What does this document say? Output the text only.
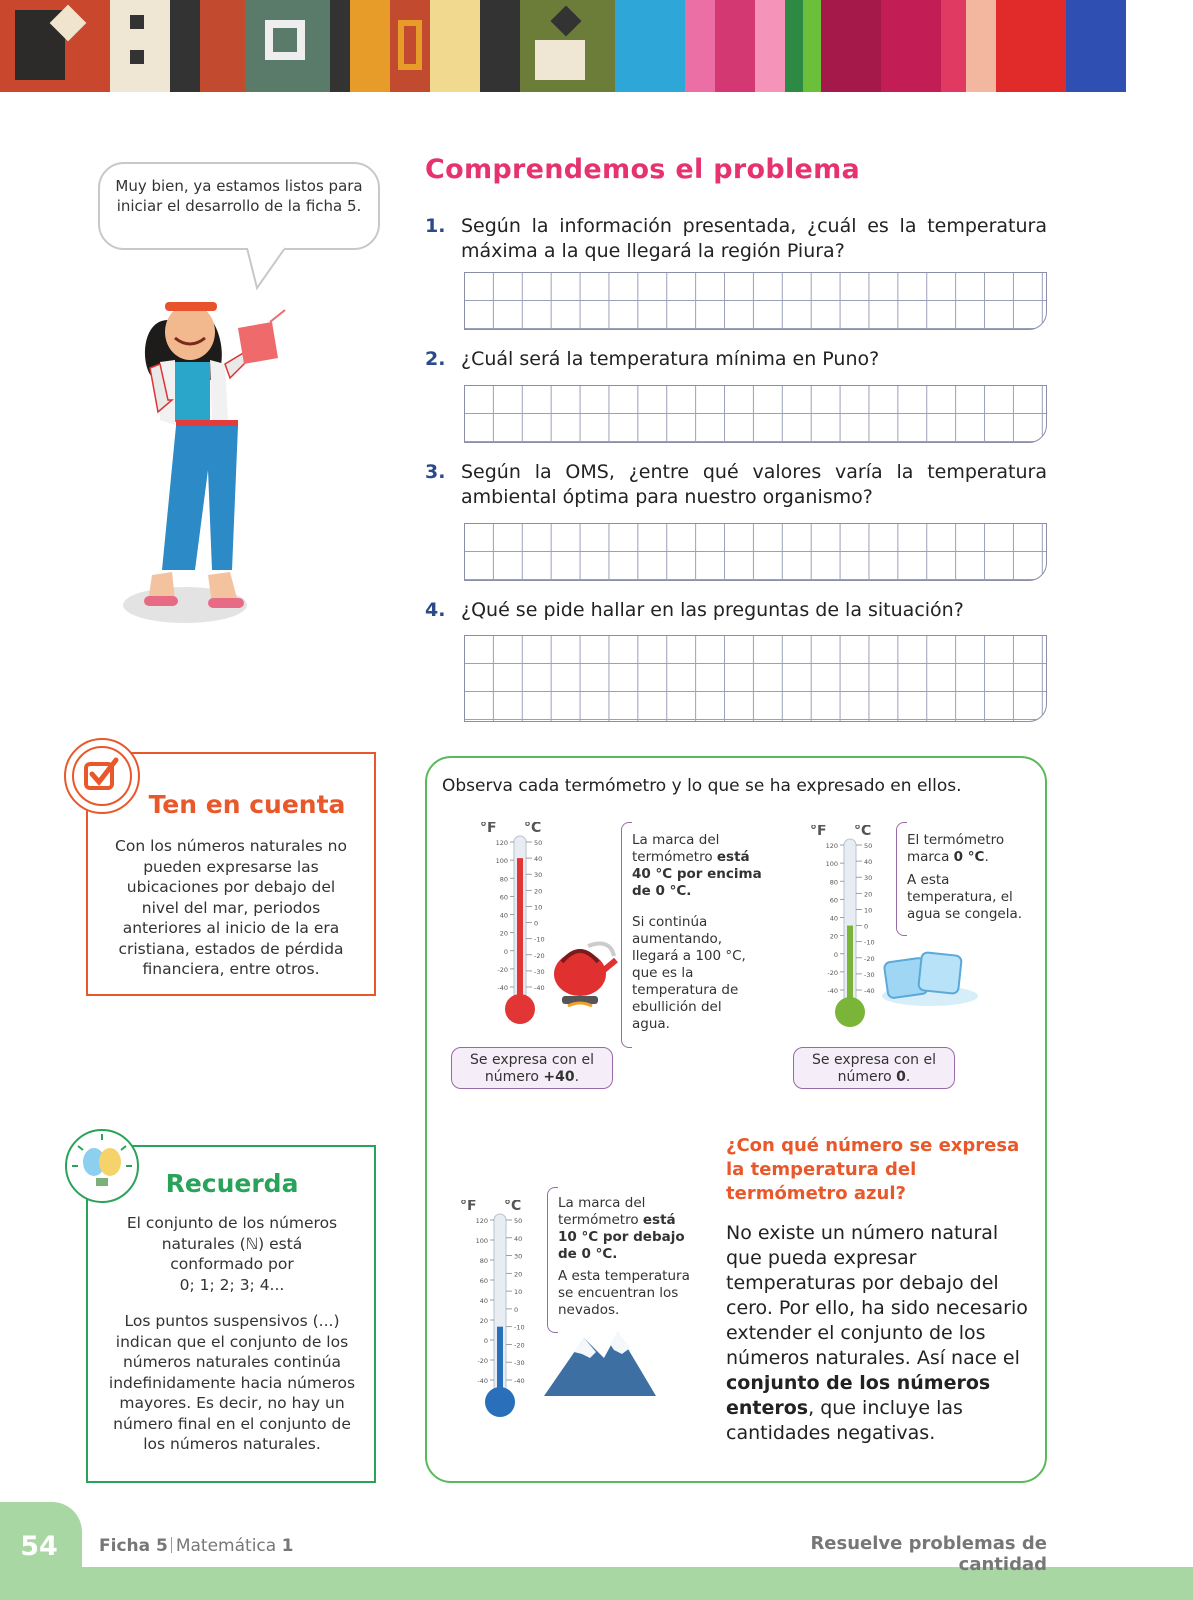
Muy bien, ya estamos listos para iniciar el desarrollo de la ficha 5.
Comprendemos el problema
1. Según la información presentada, ¿cuál es la temperatura máxima a la que llegará la región Piura?
2. ¿Cuál será la temperatura mínima en Puno?
3. Según la OMS, ¿entre qué valores varía la temperatura ambiental óptima para nuestro organismo?
4. ¿Qué se pide hallar en las preguntas de la situación?
Ten en cuenta
Con los números naturales no pueden expresarse las ubicaciones por debajo del nivel del mar, periodos anteriores al inicio de la era cristiana, estados de pérdida financiera, entre otros.
Recuerda
El conjunto de los números naturales (ℕ) está conformado por
0; 1; 2; 3; 4...
Los puntos suspensivos (...) indican que el conjunto de los números naturales continúa indefinidamente hacia números mayores. Es decir, no hay un número final en el conjunto de los números naturales.
Observa cada termómetro y lo que se ha expresado en ellos.
°F °C
120
100
80
60
40
20
0
-20
-40
50
40
30
20
10
0
-10
-20
-30
-40
La marca del termómetro está 40 °C por encima de 0 °C.
Si continúa aumentando, llegará a 100 °C, que es la temperatura de ebullición del agua.
Se expresa con el número +40.
°F °C
120
100
80
60
40
20
0
-20
-40
50
40
30
20
10
0
-10
-20
-30
-40
El termómetro marca 0 °C.
A esta temperatura, el agua se congela.
Se expresa con el número 0.
°F °C
120
100
80
60
40
20
0
-20
-40
50
40
30
20
10
0
-10
-20
-30
-40
La marca del termómetro está 10 °C por debajo de 0 °C.
A esta temperatura se encuentran los nevados.
¿Con qué número se expresa la temperatura del termómetro azul?
No existe un número natural que pueda expresar temperaturas por debajo del cero. Por ello, ha sido necesario extender el conjunto de los números naturales. Así nace el conjunto de los números enteros, que incluye las cantidades negativas.
54	Ficha 5 Matemática 1	Resuelve problemas de cantidad
